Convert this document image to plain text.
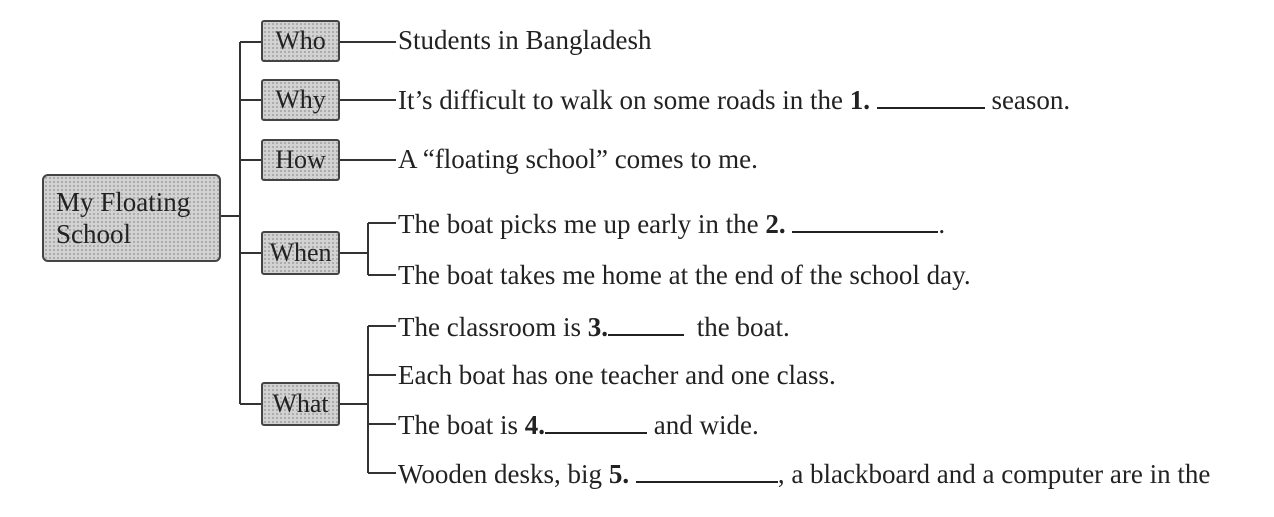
My Floating
School
Who
Why
How
When
What
Students in Bangladesh
It’s difficult to walk on some roads in the 1.	season.
A “floating school” comes to me.
The boat picks me up early in the 2.	.
The boat takes me home at the end of the school day.
The classroom is 3.	the boat.
Each boat has one teacher and one class.
The boat is 4.	and wide.
Wooden desks, big 5.	, a blackboard and a computer are in the
